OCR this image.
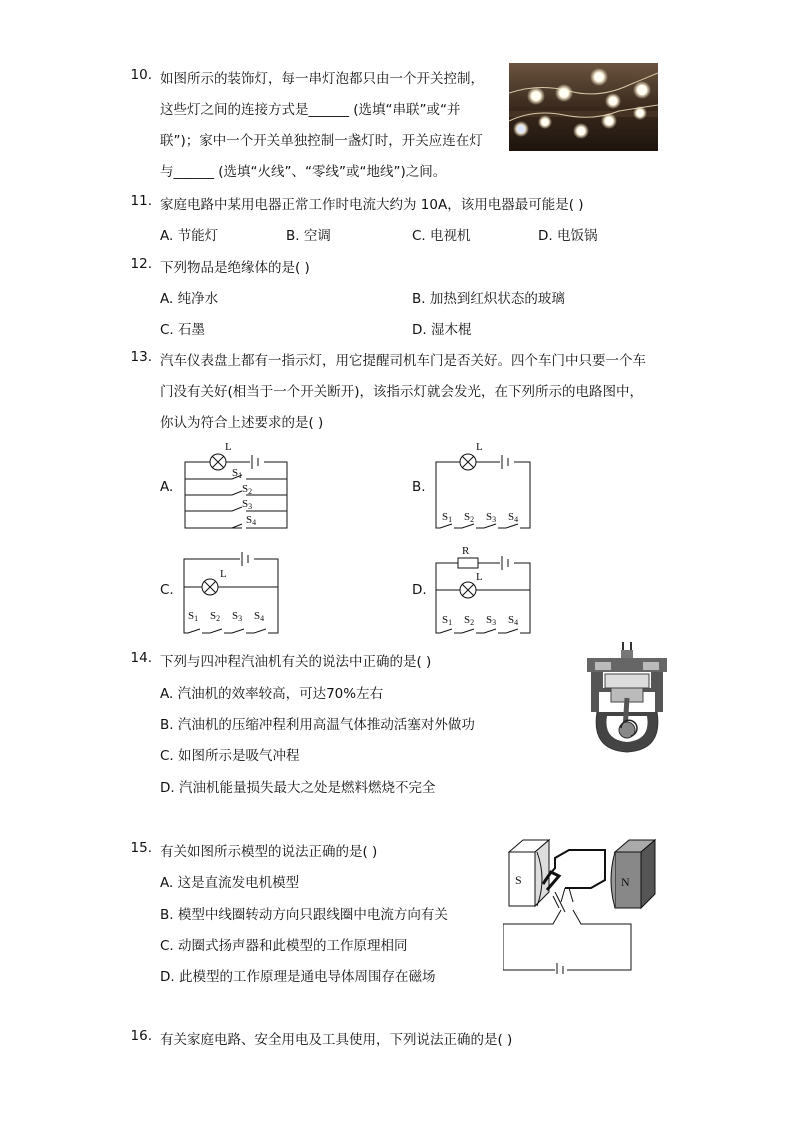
10. 如图所示的装饰灯，每一串灯泡都只由一个开关控制，
这些灯之间的连接方式是______ (选填“串联”或“并
联”)；家中一个开关单独控制一盏灯时，开关应连在灯
与______ (选填“火线”、“零线”或“地线”)之间。
11. 家庭电路中某用电器正常工作时电流大约为 10A，该用电器最可能是( )
A. 节能灯	B. 空调	C. 电视机	D. 电饭锅
12. 下列物品是绝缘体的是( )
A. 纯净水	B. 加热到红炽状态的玻璃
C. 石墨	D. 湿木棍
13. 汽车仪表盘上都有一指示灯，用它提醒司机车门是否关好。四个车门中只要一个车
门没有关好(相当于一个开关断开)，该指示灯就会发光，在下列所示的电路图中，
你认为符合上述要求的是( )
A.	B.
C.	D.
L
S1
S2
S3
S4
L
S1 S2 S3 S4
L
S1 S2 S3 S4
R
L
S1 S2 S3 S4
14. 下列与四冲程汽油机有关的说法中正确的是( )
A. 汽油机的效率较高，可达70%左右
B. 汽油机的压缩冲程利用高温气体推动活塞对外做功
C. 如图所示是吸气冲程
D. 汽油机能量损失最大之处是燃料燃烧不完全
15. 有关如图所示模型的说法正确的是( )
A. 这是直流发电机模型
B. 模型中线圈转动方向只跟线圈中电流方向有关
C. 动圈式扬声器和此模型的工作原理相同
D. 此模型的工作原理是通电导体周围存在磁场
S	N
16. 有关家庭电路、安全用电及工具使用，下列说法正确的是( )
